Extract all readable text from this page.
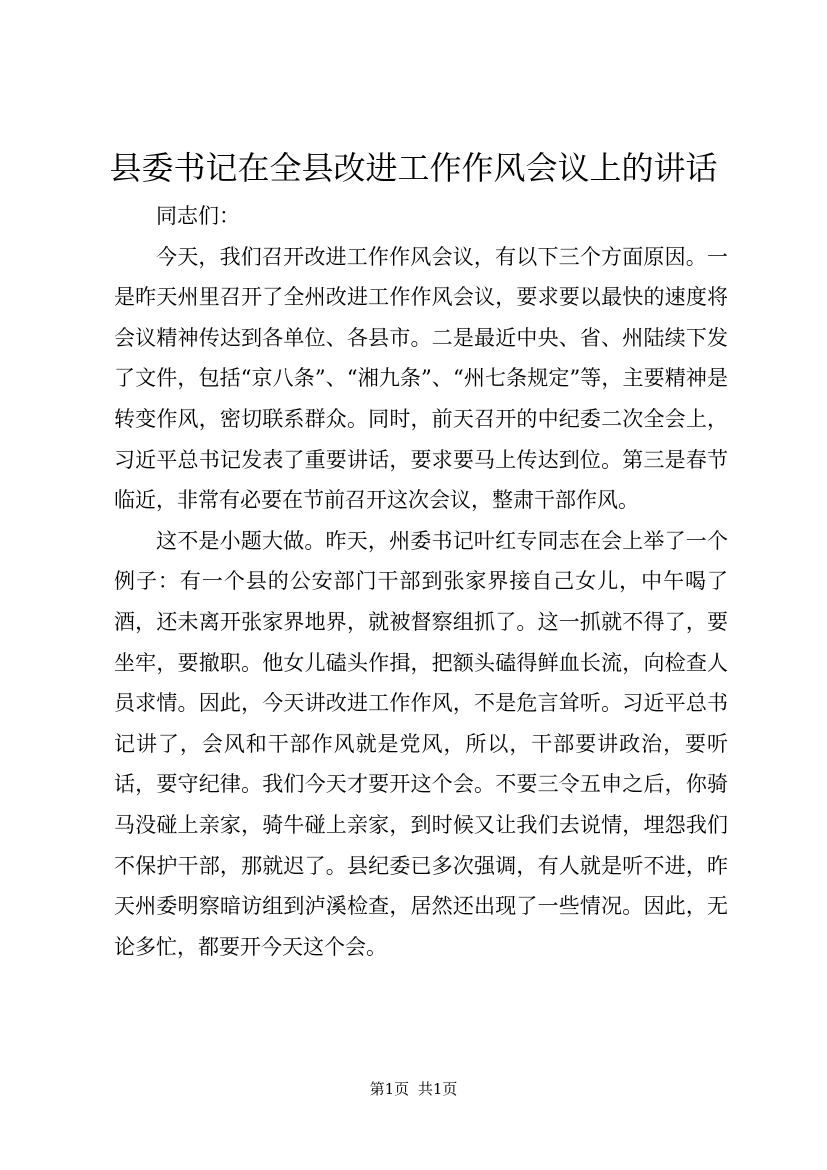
县委书记在全县改进工作作风会议上的讲话

同志们：

今天，我们召开改进工作作风会议，有以下三个方面原因。一是昨天州里召开了全州改进工作作风会议，要求要以最快的速度将会议精神传达到各单位、各县市。二是最近中央、省、州陆续下发了文件，包括“京八条”、“湘九条”、“州七条规定”等，主要精神是转变作风，密切联系群众。同时，前天召开的中纪委二次全会上，习近平总书记发表了重要讲话，要求要马上传达到位。第三是春节临近，非常有必要在节前召开这次会议，整肃干部作风。

这不是小题大做。昨天，州委书记叶红专同志在会上举了一个例子：有一个县的公安部门干部到张家界接自己女儿，中午喝了酒，还未离开张家界地界，就被督察组抓了。这一抓就不得了，要坐牢，要撤职。他女儿磕头作揖，把额头磕得鲜血长流，向检查人员求情。因此，今天讲改进工作作风，不是危言耸听。习近平总书记讲了，会风和干部作风就是党风，所以，干部要讲政治，要听话，要守纪律。我们今天才要开这个会。不要三令五申之后，你骑马没碰上亲家，骑牛碰上亲家，到时候又让我们去说情，埋怨我们不保护干部，那就迟了。县纪委已多次强调，有人就是听不进，昨天州委明察暗访组到泸溪检查，居然还出现了一些情况。因此，无论多忙，都要开今天这个会。

第1页 共1页
